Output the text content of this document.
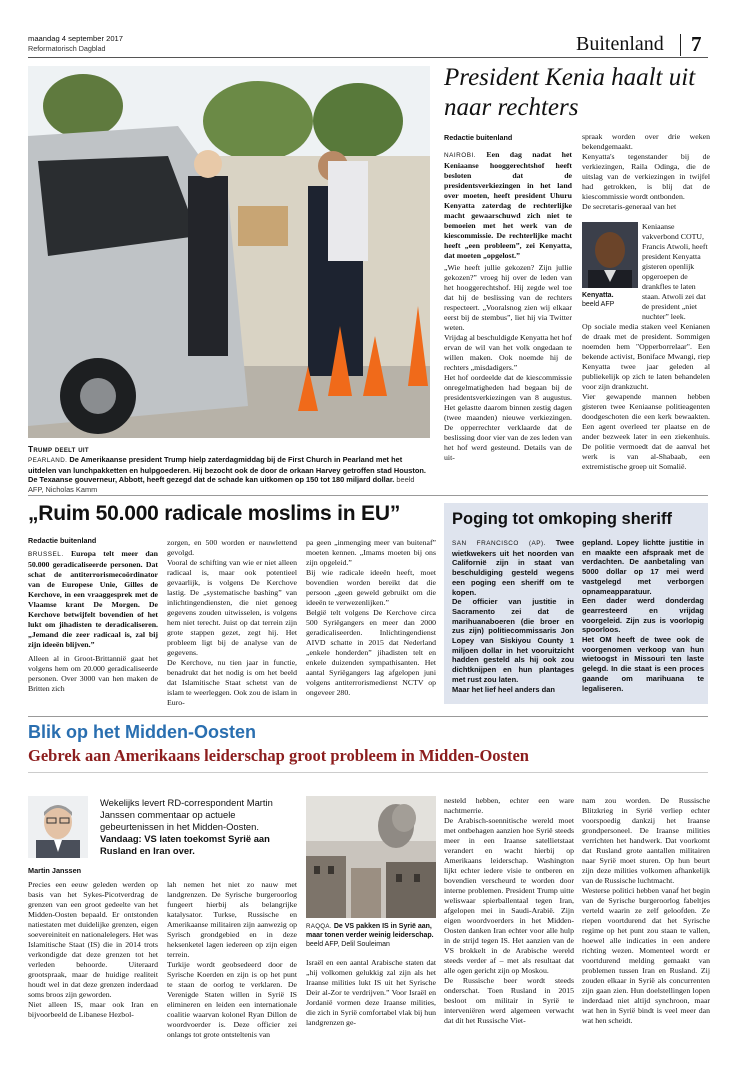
maandag 4 september 2017
Reformatorisch Dagblad	Buitenland 7
Trump deelt uit
PEARLAND. De Amerikaanse president Trump hielp zaterdagmiddag bij de First Church in Pearland met het uitdelen van lunchpakketten en hulpgoederen. Hij bezocht ook de door de orkaan Harvey getroffen stad Houston. De Texaanse gouverneur, Abbott, heeft gezegd dat de schade kan uitkomen op 150 tot 180 miljard dollar. beeld AFP, Nicholas Kamm
President Kenia haalt uit naar rechters
Redactie buitenland

NAIROBI. Een dag nadat het Keniaanse hooggerechtshof heeft besloten dat de presidentsverkiezingen in het land over moeten, heeft president Uhuru Kenyatta zaterdag de rechterlijke macht gewaarschuwd zich niet te bemoeien met het werk van de kiescommissie. De rechterlijke macht heeft „een probleem”, zei Kenyatta, dat moeten „opgelost.”

„Wie heeft jullie gekozen? Zijn jullie gekozen?” vroeg hij over de leden van het hooggerechtshof. Hij zegde wel toe dat hij de beslissing van de rechters respecteert. „Vooralsnog zien wij elkaar eerst bij de stembus”, liet hij via Twitter weten.
Vrijdag al beschuldigde Kenyatta het hof ervan de wil van het volk ongedaan te willen maken. Ook noemde hij de rechters „misdadigers.”
Het hof oordeelde dat de kiescommissie onregelmatigheden had begaan bij de presidentsverkiezingen van 8 augustus. Het gelastte daarom binnen zestig dagen (twee maanden) nieuwe verkiezingen. De opperrechter verklaarde dat de beslissing door vier van de zes leden van het hof werd gesteund. Details van de uit-

spraak worden over drie weken bekendgemaakt.
Kenyatta's tegenstander bij de verkiezingen, Raila Odinga, die de uitslag van de verkiezingen in twijfel had getrokken, is blij dat de kiescommissie wordt ontbonden.
De secretaris-generaal van het
Keniaanse vakverbond COTU, Francis Atwoli, heeft president Kenyatta gisteren openlijk opgeroepen de drankfles te laten staan. Atwoli zei dat de president „niet nuchter” leek.
Kenyatta.
beeld AFP
Op sociale media staken veel Kenianen de draak met de president. Sommigen noemden hem "Opperborrelaar". Een bekende activist, Boniface Mwangi, riep Kenyatta twee jaar geleden al publiekelijk op zich te laten behandelen voor zijn drankzucht.
Vier gewapende mannen hebben gisteren twee Keniaanse politieagenten doodgeschoten die een kerk bewaakten. Een agent overleed ter plaatse en de ander bezweek later in een ziekenhuis. De politie vermoedt dat de aanval het werk is van al-Shabaab, een extremistische groep uit Somalië.
„Ruim 50.000 radicale moslims in EU”
Redactie buitenland

BRUSSEL. Europa telt meer dan 50.000 geradicaliseerde personen. Dat schat de antiterrorismecoördinator van de Europese Unie, Gilles de Kerchove, in een vraaggesprek met de Vlaamse krant De Morgen. De Kerchove betwijfelt bovendien of het lukt om jihadisten te deradicaliseren. „Jemand die zeer radicaal is, zal bij zijn ideeën blijven.”

Alleen al in Groot-Brittannië gaat het volgens hem om 20.000 geradicaliseerde personen. Over 3000 van hen maken de Britten zich

zorgen, en 500 worden er nauwlettend gevolgd.
Vooral de schifting van wie er niet alleen radicaal is, maar ook potentieel gevaarlijk, is volgens De Kerchove lastig. De „systematische bashing” van inlichtingendiensten, die niet genoeg gegevens zouden uitwisselen, is volgens hem niet terecht. Juist op dat terrein zijn grote stappen gezet, zegt hij. Het probleem ligt bij de analyse van de gegevens.
De Kerchove, nu tien jaar in functie, benadrukt dat het nodig is om het beeld dat Islamitische Staat schetst van de islam te weerleggen. Ook zou de islam in Euro-
pa geen „inmenging meer van buitenaf” moeten kennen. „Imams moeten bij ons zijn opgeleid.”
Bij wie radicale ideeën heeft, moet bovendien worden bereikt dat die persoon „geen geweld gebruikt om die ideeën te verwezenlijken.”
België telt volgens De Kerchove circa 500 Syriëgangers en meer dan 2000 geradicaliseerden. Inlichtingendienst AIVD schatte in 2015 dat Nederland „enkele honderden” jihadisten telt en enkele duizenden sympathisanten. Het aantal Syriëgangers lag afgelopen juni volgens antiterrorismedienst NCTV op ongeveer 280.
Poging tot omkoping sheriff

SAN FRANCISCO (AP). Twee wietkwekers uit het noorden van Californië zijn in staat van beschuldiging gesteld wegens een poging een sheriff om te kopen.
De officier van justitie in Sacramento zei dat de marihuanaboeren (die broer en zus zijn) politiecommissaris Jon Lopey van Siskiyou County 1 miljoen dollar in het vooruitzicht hadden gesteld als hij ook zou dichtknijpen en hun plantages met rust zou laten.
Maar het lief heel anders dan

gepland. Lopey lichtte justitie in en maakte een afspraak met de verdachten. De aanbetaling van 5000 dollar op 17 mei werd vastgelegd met verborgen opnameapparatuur.
Een dader werd donderdag gearresteerd en vrijdag voorgeleid. Zijn zus is voorlopig spoorloos.
Het OM heeft de twee ook de voorgenomen verkoop van hun wietoogst in Missouri ten laste gelegd. In die staat is een proces gaande om marihuana te legaliseren.
Blik op het Midden-Oosten
Gebrek aan Amerikaans leiderschap groot probleem in Midden-Oosten
Martin Janssen
Wekelijks levert RD-correspondent Martin Janssen commentaar op actuele gebeurtenissen in het Midden-Oosten. Vandaag: VS laten toekomst Syrië aan Rusland en Iran over.
Precies een eeuw geleden werden op basis van het Sykes-Picotverdrag de grenzen van een groot gedeelte van het Midden-Oosten bepaald. Er ontstonden natiestaten met duidelijke grenzen, eigen soevereiniteit en nationalelegers. Het was Islamitische Staat (IS) die in 2014 trots verkondigde dat deze grenzen tot het verleden behoorde. Uiteraard grootspraak, maar de huidige realiteit houdt wel in dat deze grenzen inderdaad soms broos zijn geworden.
Niet alleen IS, maar ook Iran en bijvoorbeeld de Libanese Hezbol-
lah nemen het niet zo nauw met landgrenzen. De Syrische burgeroorlog fungeert hierbij als belangrijke katalysator. Turkse, Russische en Amerikaanse militairen zijn aanwezig op Syrisch grondgebied en in deze heksenketel lagen iedereen op zijn eigen terrein.
Turkije wordt geobsedeerd door de Syrische Koerden en zijn is op het punt te staan de oorlog te verklaren. De Verenigde Staten willen in Syrië IS elimineren en leiden een internationale coalitie waarvan kolonel Ryan Dillon de woordvoerder is. Deze officier zei onlangs tot grote ontsteltenis van
RAQQA. De VS pakken IS in Syrië aan, maar tonen verder weinig leiderschap. beeld AFP, Delil Souleiman
Israël en een aantal Arabische staten dat „hij volkomen gelukkig zal zijn als het Iraanse milities lukt IS uit het Syrische Deir al-Zor te verdrijven.” Voor Israël en Jordanië vormen deze Iraanse milities, die zich in Syrië comfortabel vlak bij hun landgrenzen ge-
nesteld hebben, echter een ware nachtmerrie.
De Arabisch-soennitische wereld moet met ontbehagen aanzien hoe Syrië steeds meer in een Iraanse satellietstaat verandert en wacht hierbij op Amerikaans leiderschap. Washington lijkt echter iedere visie te ontberen en bovendien verscheurd te worden door interne problemen. President Trump uitte weliswaar spierballentaal tegen Iran, afgelopen mei in Saudi-Arabië. Zijn eigen woordvoerders in het Midden-Oosten danken Iran echter voor alle hulp in de strijd tegen IS. Het aanzien van de VS brokkelt in de Arabische wereld steeds verder af – met als resultaat dat alle ogen gericht zijn op Moskou.
De Russische beer wordt steeds onderschat. Toen Rusland in 2015 besloot om militair in Syrië te interveniëren werd algemeen verwacht dat dit het Russische Viet-
nam zou worden. De Russische Blitzkrieg in Syrië verliep echter voorspoedig dankzij het Iraanse grondpersoneel. De Iraanse milities verrichten het handwerk. Dat voorkomt dat Rusland grote aantallen militairen naar Syrië moet sturen. Op hun beurt zijn deze milities volkomen afhankelijk van de Russische luchtmacht.
Westerse politici hebben vanaf het begin van de Syrische burgeroorlog fabeltjes verteld waarin ze zelf geloofden. Ze riepen voortdurend dat het Syrische regime op het punt zou staan te vallen, hoewel alle indicaties in een andere richting wezen. Momenteel wordt er voortdurend melding gemaakt van problemen tussen Iran en Rusland. Zij zouden elkaar in Syrië als concurrenten zijn gaan zien. Hun doelstellingen lopen inderdaad niet altijd synchroon, maar wat hen in Syrië bindt is veel meer dan wat hen scheidt.
